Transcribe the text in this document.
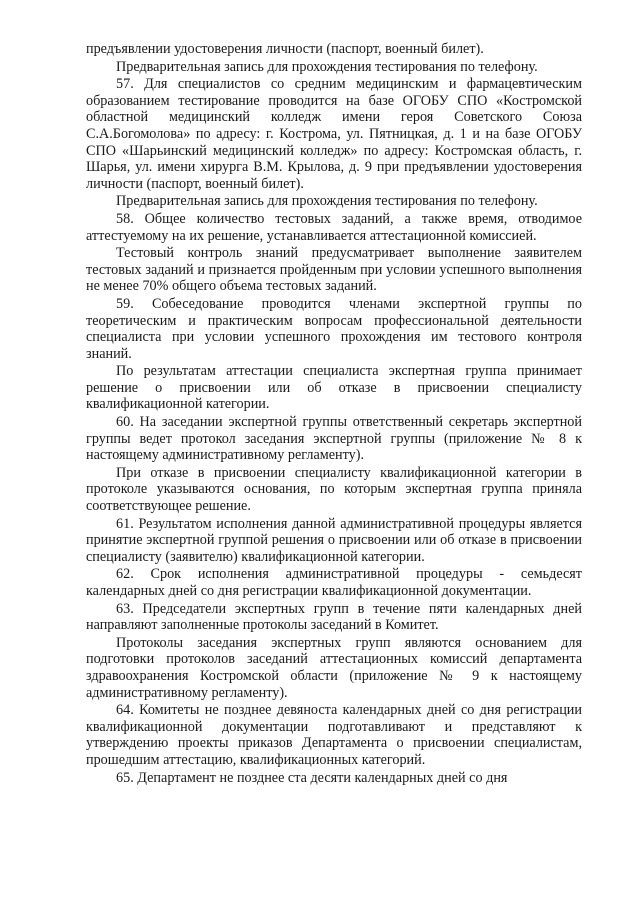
предъявлении удостоверения личности (паспорт, военный билет).

Предварительная запись для прохождения тестирования по телефону.

57. Для специалистов со средним медицинским и фармацевтическим образованием тестирование проводится на базе ОГОБУ СПО «Костромской областной медицинский колледж имени героя Советского Союза С.А.Богомолова» по адресу: г. Кострома, ул. Пятницкая, д. 1 и на базе ОГОБУ СПО «Шарьинский медицинский колледж» по адресу: Костромская область, г. Шарья, ул. имени хирурга В.М. Крылова, д. 9 при предъявлении удостоверения личности (паспорт, военный билет).

Предварительная запись для прохождения тестирования по телефону.

58. Общее количество тестовых заданий, а также время, отводимое аттестуемому на их решение, устанавливается аттестационной комиссией.

Тестовый контроль знаний предусматривает выполнение заявителем тестовых заданий и признается пройденным при условии успешного выполнения не менее 70% общего объема тестовых заданий.

59. Собеседование проводится членами экспертной группы по теоретическим и практическим вопросам профессиональной деятельности специалиста при условии успешного прохождения им тестового контроля знаний.

По результатам аттестации специалиста экспертная группа принимает решение о присвоении или об отказе в присвоении специалисту квалификационной категории.

60. На заседании экспертной группы ответственный секретарь экспертной группы ведет протокол заседания экспертной группы (приложение № 8 к настоящему административному регламенту).

При отказе в присвоении специалисту квалификационной категории в протоколе указываются основания, по которым экспертная группа приняла соответствующее решение.

61. Результатом исполнения данной административной процедуры является принятие экспертной группой решения о присвоении или об отказе в присвоении специалисту (заявителю) квалификационной категории.

62. Срок исполнения административной процедуры - семьдесят календарных дней со дня регистрации квалификационной документации.

63. Председатели экспертных групп в течение пяти календарных дней направляют заполненные протоколы заседаний в Комитет.

Протоколы заседания экспертных групп являются основанием для подготовки протоколов заседаний аттестационных комиссий департамента здравоохранения Костромской области (приложение № 9 к настоящему административному регламенту).

64. Комитеты не позднее девяноста календарных дней со дня регистрации квалификационной документации подготавливают и представляют к утверждению проекты приказов Департамента о присвоении специалистам, прошедшим аттестацию, квалификационных категорий.

65. Департамент не позднее ста десяти календарных дней со дня
